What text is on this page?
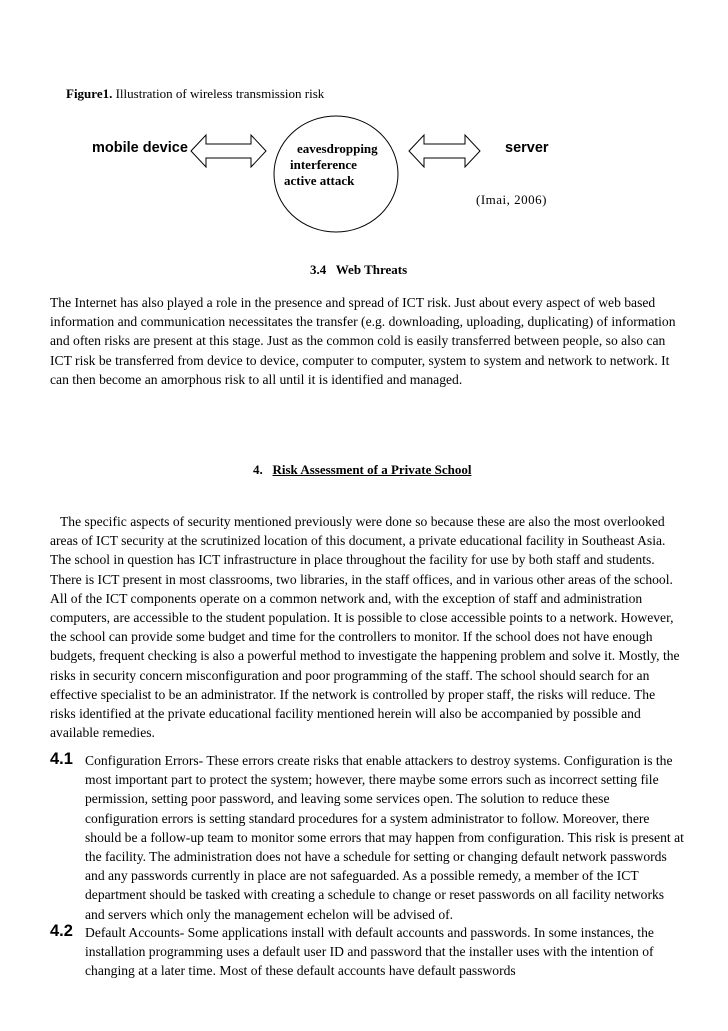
Figure1. Illustration of wireless transmission risk
mobile device	eavesdropping
interference
active attack
server
(Imai, 2006)
3.4 Web Threats
The Internet has also played a role in the presence and spread of ICT risk. Just about every aspect of web based information and communication necessitates the transfer (e.g. downloading, uploading, duplicating) of information and often risks are present at this stage. Just as the common cold is easily transferred between people, so also can ICT risk be transferred from device to device, computer to computer, system to system and network to network. It can then become an amorphous risk to all until it is identified and managed.
4. Risk Assessment of a Private School
The specific aspects of security mentioned previously were done so because these are also the most overlooked areas of ICT security at the scrutinized location of this document, a private educational facility in Southeast Asia. The school in question has ICT infrastructure in place throughout the facility for use by both staff and students. There is ICT present in most classrooms, two libraries, in the staff offices, and in various other areas of the school. All of the ICT components operate on a common network and, with the exception of staff and administration computers, are accessible to the student population. It is possible to close accessible points to a network. However, the school can provide some budget and time for the controllers to monitor. If the school does not have enough budgets, frequent checking is also a powerful method to investigate the happening problem and solve it. Mostly, the risks in security concern misconfiguration and poor programming of the staff. The school should search for an effective specialist to be an administrator. If the network is controlled by proper staff, the risks will reduce. The risks identified at the private educational facility mentioned herein will also be accompanied by possible and available remedies.
4.1 Configuration Errors- These errors create risks that enable attackers to destroy systems. Configuration is the most important part to protect the system; however, there maybe some errors such as incorrect setting file permission, setting poor password, and leaving some services open. The solution to reduce these configuration errors is setting standard procedures for a system administrator to follow. Moreover, there should be a follow-up team to monitor some errors that may happen from configuration. This risk is present at the facility. The administration does not have a schedule for setting or changing default network passwords and any passwords currently in place are not safeguarded. As a possible remedy, a member of the ICT department should be tasked with creating a schedule to change or reset passwords on all facility networks and servers which only the management echelon will be advised of.
4.2 Default Accounts- Some applications install with default accounts and passwords. In some instances, the installation programming uses a default user ID and password that the installer uses with the intention of changing at a later time. Most of these default accounts have default passwords
